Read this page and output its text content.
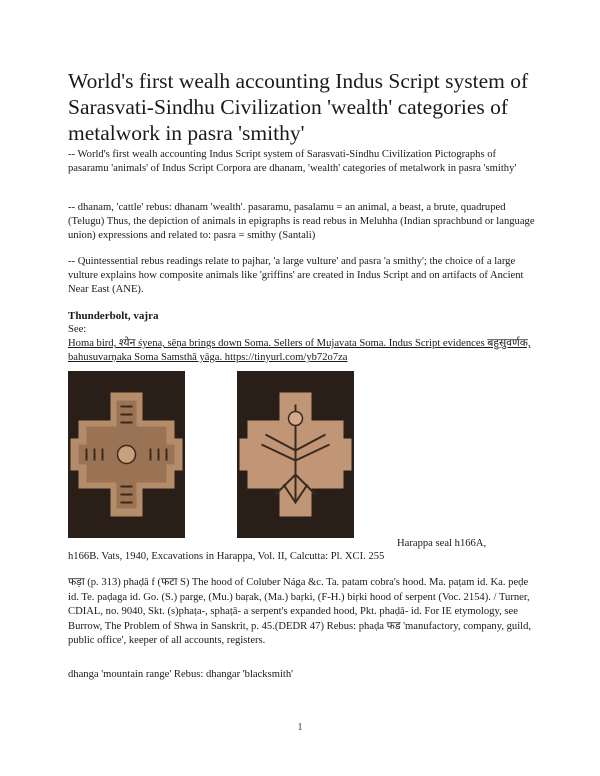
World's first wealh accounting Indus Script system of Sarasvati-Sindhu Civilization 'wealth' categories of metalwork in pasra 'smithy'

-- World's first wealh accounting Indus Script system of Sarasvati-Sindhu Civilization Pictographs of pasaramu 'animals' of Indus Script Corpora are dhanam, 'wealth' categories of metalwork in pasra 'smithy'

-- dhanam, 'cattle' rebus: dhanam 'wealth'. pasaramu, pasalamu = an animal, a beast, a brute, quadruped (Telugu) Thus, the depiction of animals in epigraphs is read rebus in Meluhha (Indian sprachbund or language union) expressions and related to: pasra = smithy (Santali)

-- Quintessential rebus readings relate to pajhar, 'a large vulture' and pasra 'a smithy'; the choice of a large vulture explains how composite animals like 'griffins' are created in Indus Script and on artifacts of Ancient Near East (ANE).

Thunderbolt, vajra

See:

Homa bird, श्येन śyena, sēṇa brings down Soma. Sellers of Mujavata Soma. Indus Script evidences बहुसुवर्णक, bahusuvarṇaka Soma Samsthā yāga. https://tinyurl.com/yb72o7za

Harappa seal h166A,

h166B. Vats, 1940, Excavations in Harappa, Vol. II, Calcutta: Pl. XCI. 255

फड़ा (p. 313) phaḍā f (फटा S) The hood of Coluber Nága &c. Ta. patam cobra's hood. Ma. paṭam id. Ka. peḍe id. Te. paḍaga id. Go. (S.) parge, (Mu.) baṛak, (Ma.) baṛki, (F-H.) biṛki hood of serpent (Voc. 2154). / Turner, CDIAL, no. 9040, Skt. (s)phaṭa-, sphaṭā- a serpent's expanded hood, Pkt. phaḍā- id. For IE etymology, see Burrow, The Problem of Shwa in Sanskrit, p. 45.(DEDR 47) Rebus: phaḍa फड 'manufactory, company, guild, public office', keeper of all accounts, registers.

dhanga 'mountain range' Rebus: dhangar 'blacksmith'

1
